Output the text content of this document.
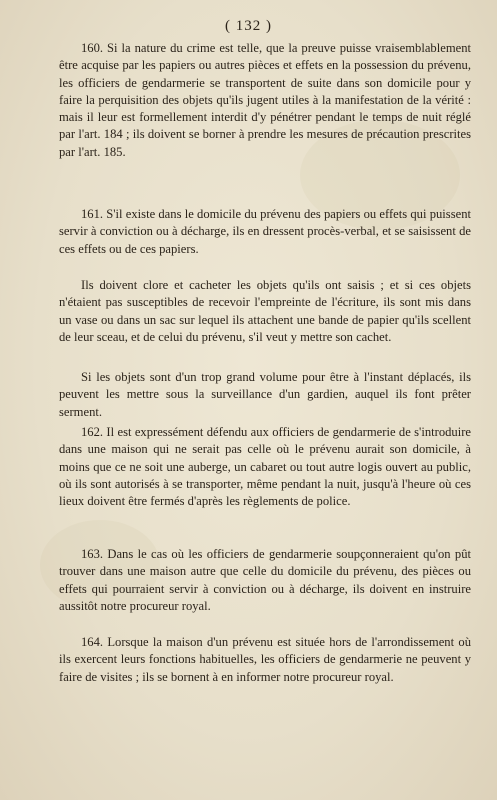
( 132 )

160. Si la nature du crime est telle, que la preuve puisse vraisemblablement être acquise par les papiers ou autres pièces et effets en la possession du prévenu, les officiers de gendarmerie se transportent de suite dans son domicile pour y faire la perquisition des objets qu'ils jugent utiles à la manifestation de la vérité : mais il leur est formellement interdit d'y pénétrer pendant le temps de nuit réglé par l'art. 184 ; ils doivent se borner à prendre les mesures de précaution prescrites par l'art. 185.

161. S'il existe dans le domicile du prévenu des papiers ou effets qui puissent servir à conviction ou à décharge, ils en dressent procès-verbal, et se saisissent de ces effets ou de ces papiers.

Ils doivent clore et cacheter les objets qu'ils ont saisis ; et si ces objets n'étaient pas susceptibles de recevoir l'empreinte de l'écriture, ils sont mis dans un vase ou dans un sac sur lequel ils attachent une bande de papier qu'ils scellent de leur sceau, et de celui du prévenu, s'il veut y mettre son cachet.

Si les objets sont d'un trop grand volume pour être à l'instant déplacés, ils peuvent les mettre sous la surveillance d'un gardien, auquel ils font prêter serment.

162. Il est expressément défendu aux officiers de gendarmerie de s'introduire dans une maison qui ne serait pas celle où le prévenu aurait son domicile, à moins que ce ne soit une auberge, un cabaret ou tout autre logis ouvert au public, où ils sont autorisés à se transporter, même pendant la nuit, jusqu'à l'heure où ces lieux doivent être fermés d'après les règlements de police.

163. Dans le cas où les officiers de gendarmerie soupçonneraient qu'on pût trouver dans une maison autre que celle du domicile du prévenu, des pièces ou effets qui pourraient servir à conviction ou à décharge, ils doivent en instruire aussitôt notre procureur royal.

164. Lorsque la maison d'un prévenu est située hors de l'arrondissement où ils exercent leurs fonctions habituelles, les officiers de gendarmerie ne peuvent y faire de visites ; ils se bornent à en informer notre procureur royal.
